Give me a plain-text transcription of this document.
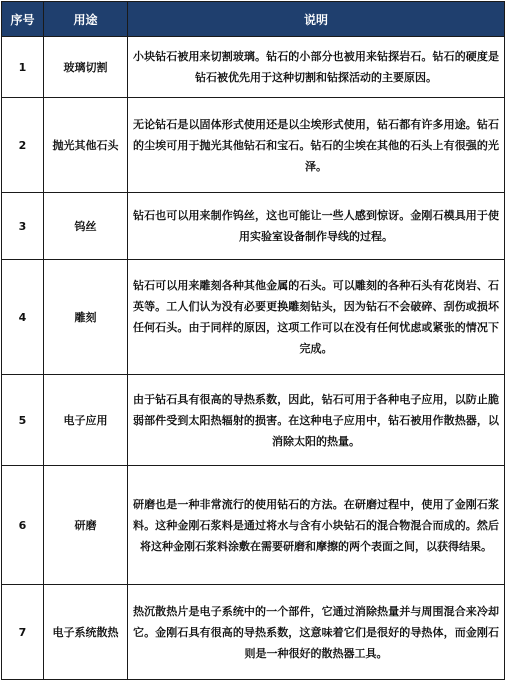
序号	用途	说明
1	玻璃切割	小块钻石被用来切割玻璃。钻石的小部分也被用来钻探岩石。钻石的硬度是钻石被优先用于这种切割和钻探活动的主要原因。
2	抛光其他石头	无论钻石是以固体形式使用还是以尘埃形式使用，钻石都有许多用途。钻石的尘埃可用于抛光其他钻石和宝石。钻石的尘埃在其他的石头上有很强的光泽。
3	钨丝	钻石也可以用来制作钨丝，这也可能让一些人感到惊讶。金刚石模具用于使用实验室设备制作导线的过程。
4	雕刻	钻石可以用来雕刻各种其他金属的石头。可以雕刻的各种石头有花岗岩、石英等。工人们认为没有必要更换雕刻钻头，因为钻石不会破碎、刮伤或损坏任何石头。由于同样的原因，这项工作可以在没有任何忧虑或紧张的情况下完成。
5	电子应用	由于钻石具有很高的导热系数，因此，钻石可用于各种电子应用，以防止脆弱部件受到太阳热辐射的损害。在这种电子应用中，钻石被用作散热器，以消除太阳的热量。
6	研磨	研磨也是一种非常流行的使用钻石的方法。在研磨过程中，使用了金刚石浆料。这种金刚石浆料是通过将水与含有小块钻石的混合物混合而成的。然后将这种金刚石浆料涂敷在需要研磨和摩擦的两个表面之间，以获得结果。
7	电子系统散热	热沉散热片是电子系统中的一个部件，它通过消除热量并与周围混合来冷却它。金刚石具有很高的导热系数，这意味着它们是很好的导热体，而金刚石则是一种很好的散热器工具。
